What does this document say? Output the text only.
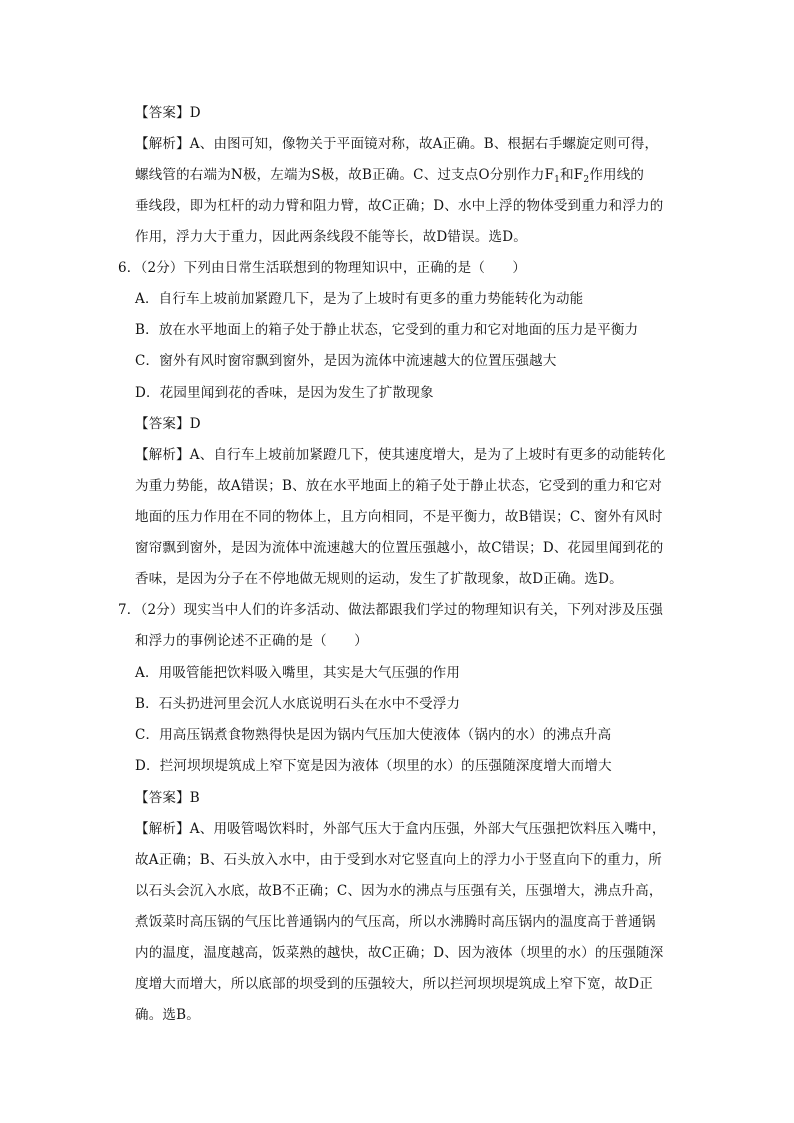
【答案】D
【解析】A、由图可知，像物关于平面镜对称，故A正确。B、根据右手螺旋定则可得，
螺线管的右端为N极，左端为S极，故B正确。C、过支点O分别作力$F_1$和$F_2$作用线的
垂线段，即为杠杆的动力臂和阻力臂，故C正确；D、水中上浮的物体受到重力和浮力的
作用，浮力大于重力，因此两条线段不能等长，故D错误。选D。
6．（2分）下列由日常生活联想到的物理知识中，正确的是（　　）
A．自行车上坡前加紧蹬几下，是为了上坡时有更多的重力势能转化为动能
B．放在水平地面上的箱子处于静止状态，它受到的重力和它对地面的压力是平衡力
C．窗外有风时窗帘飘到窗外，是因为流体中流速越大的位置压强越大
D．花园里闻到花的香味，是因为发生了扩散现象
【答案】D
【解析】A、自行车上坡前加紧蹬几下，使其速度增大，是为了上坡时有更多的动能转化
为重力势能，故A错误；B、放在水平地面上的箱子处于静止状态，它受到的重力和它对
地面的压力作用在不同的物体上，且方向相同，不是平衡力，故B错误；C、窗外有风时
窗帘飘到窗外，是因为流体中流速越大的位置压强越小，故C错误；D、花园里闻到花的
香味，是因为分子在不停地做无规则的运动，发生了扩散现象，故D正确。选D。
7．（2分）现实当中人们的许多活动、做法都跟我们学过的物理知识有关，下列对涉及压强
和浮力的事例论述不正确的是（　　）
A．用吸管能把饮料吸入嘴里，其实是大气压强的作用
B．石头扔进河里会沉人水底说明石头在水中不受浮力
C．用高压锅煮食物熟得快是因为锅内气压加大使液体（锅内的水）的沸点升高
D．拦河坝坝堤筑成上窄下宽是因为液体（坝里的水）的压强随深度增大而增大
【答案】B
【解析】A、用吸管喝饮料时，外部气压大于盒内压强，外部大气压强把饮料压入嘴中，
故A正确；B、石头放入水中，由于受到水对它竖直向上的浮力小于竖直向下的重力，所
以石头会沉入水底，故B不正确；C、因为水的沸点与压强有关，压强增大，沸点升高，
煮饭菜时高压锅的气压比普通锅内的气压高，所以水沸腾时高压锅内的温度高于普通锅
内的温度，温度越高，饭菜熟的越快，故C正确；D、因为液体（坝里的水）的压强随深
度增大而增大，所以底部的坝受到的压强较大，所以拦河坝坝堤筑成上窄下宽，故D正
确。选B。
